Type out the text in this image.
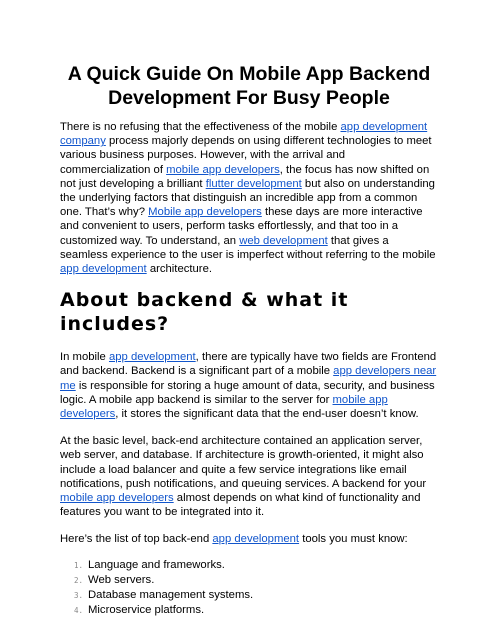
A Quick Guide On Mobile App Backend Development For Busy People

There is no refusing that the effectiveness of the mobile app development company process majorly depends on using different technologies to meet various business purposes. However, with the arrival and commercialization of mobile app developers, the focus has now shifted on not just developing a brilliant flutter development but also on understanding the underlying factors that distinguish an incredible app from a common one. That’s why? Mobile app developers these days are more interactive and convenient to users, perform tasks effortlessly, and that too in a customized way. To understand, an web development that gives a seamless experience to the user is imperfect without referring to the mobile app development architecture.

About backend & what it includes?

In mobile app development, there are typically have two fields are Frontend and backend. Backend is a significant part of a mobile app developers near me is responsible for storing a huge amount of data, security, and business logic. A mobile app backend is similar to the server for mobile app developers, it stores the significant data that the end-user doesn’t know.

At the basic level, back-end architecture contained an application server, web server, and database. If architecture is growth-oriented, it might also include a load balancer and quite a few service integrations like email notifications, push notifications, and queuing services. A backend for your mobile app developers almost depends on what kind of functionality and features you want to be integrated into it.

Here’s the list of top back-end app development tools you must know:

1. Language and frameworks.
2. Web servers.
3. Database management systems.
4. Microservice platforms.
